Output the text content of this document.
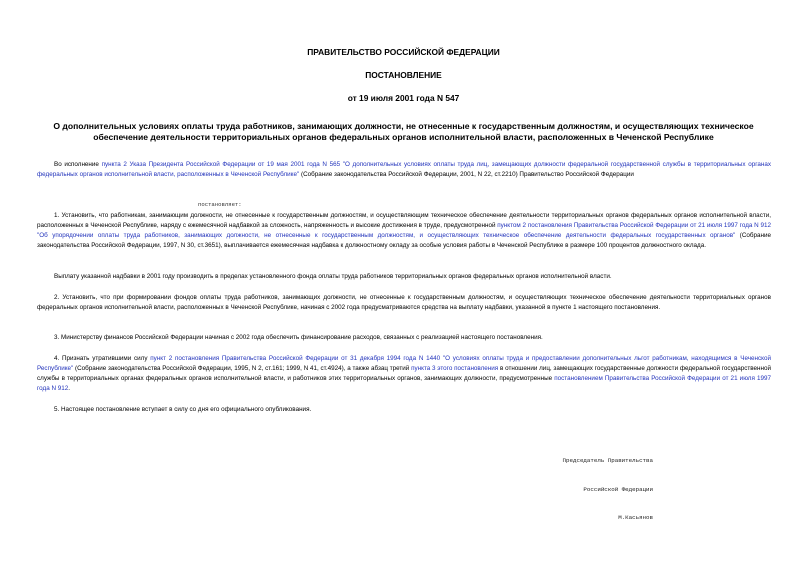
ПРАВИТЕЛЬСТВО РОССИЙСКОЙ ФЕДЕРАЦИИ
ПОСТАНОВЛЕНИЕ
от 19 июля 2001 года N 547
О дополнительных условиях оплаты труда работников, занимающих должности, не отнесенные к государственным должностям, и осуществляющих техническое обеспечение деятельности территориальных органов федеральных органов исполнительной власти, расположенных в Чеченской Республике
Во исполнение пункта 2 Указа Президента Российской Федерации от 19 мая 2001 года N 565 "О дополнительных условиях оплаты труда лиц, замещающих должности федеральной государственной службы в территориальных органах федеральных органов исполнительной власти, расположенных в Чеченской Республике" (Собрание законодательства Российской Федерации, 2001, N 22, ст.2210) Правительство Российской Федерации
постановляет:
1. Установить, что работникам, занимающим должности, не отнесенные к государственным должностям, и осуществляющим техническое обеспечение деятельности территориальных органов федеральных органов исполнительной власти, расположенных в Чеченской Республике, наряду с ежемесячной надбавкой за сложность, напряженность и высокие достижения в труде, предусмотренной пунктом 2 постановления Правительства Российской Федерации от 21 июля 1997 года N 912 "Об упорядочении оплаты труда работников, занимающих должности, не отнесенные к государственным должностям, и осуществляющих техническое обеспечение деятельности федеральных государственных органов" (Собрание законодательства Российской Федерации, 1997, N 30, ст.3651), выплачивается ежемесячная надбавка к должностному окладу за особые условия работы в Чеченской Республике в размере 100 процентов должностного оклада.
Выплату указанной надбавки в 2001 году производить в пределах установленного фонда оплаты труда работников территориальных органов федеральных органов исполнительной власти.
2. Установить, что при формировании фондов оплаты труда работников, занимающих должности, не отнесенные к государственным должностям, и осуществляющих техническое обеспечение деятельности территориальных органов федеральных органов исполнительной власти, расположенных в Чеченской Республике, начиная с 2002 года предусматриваются средства на выплату надбавки, указанной в пункте 1 настоящего постановления.
3. Министерству финансов Российской Федерации начиная с 2002 года обеспечить финансирование расходов, связанных с реализацией настоящего постановления.
4. Признать утратившими силу пункт 2 постановления Правительства Российской Федерации от 31 декабря 1994 года N 1440 "О условиях оплаты труда и предоставлении дополнительных льгот работникам, находящимся в Чеченской Республике" (Собрание законодательства Российской Федерации, 1995, N 2, ст.161; 1999, N 41, ст.4924), а также абзац третий пункта 3 этого постановления в отношении лиц, замещающих государственные должности федеральной государственной службы в территориальных органах федеральных органов исполнительной власти, и работников этих территориальных органов, занимающих должности, предусмотренные постановлением Правительства Российской Федерации от 21 июля 1997 года N 912.
5. Настоящее постановление вступает в силу со дня его официального опубликования.

Председатель Правительства

Российской Федерации

М.Касьянов
